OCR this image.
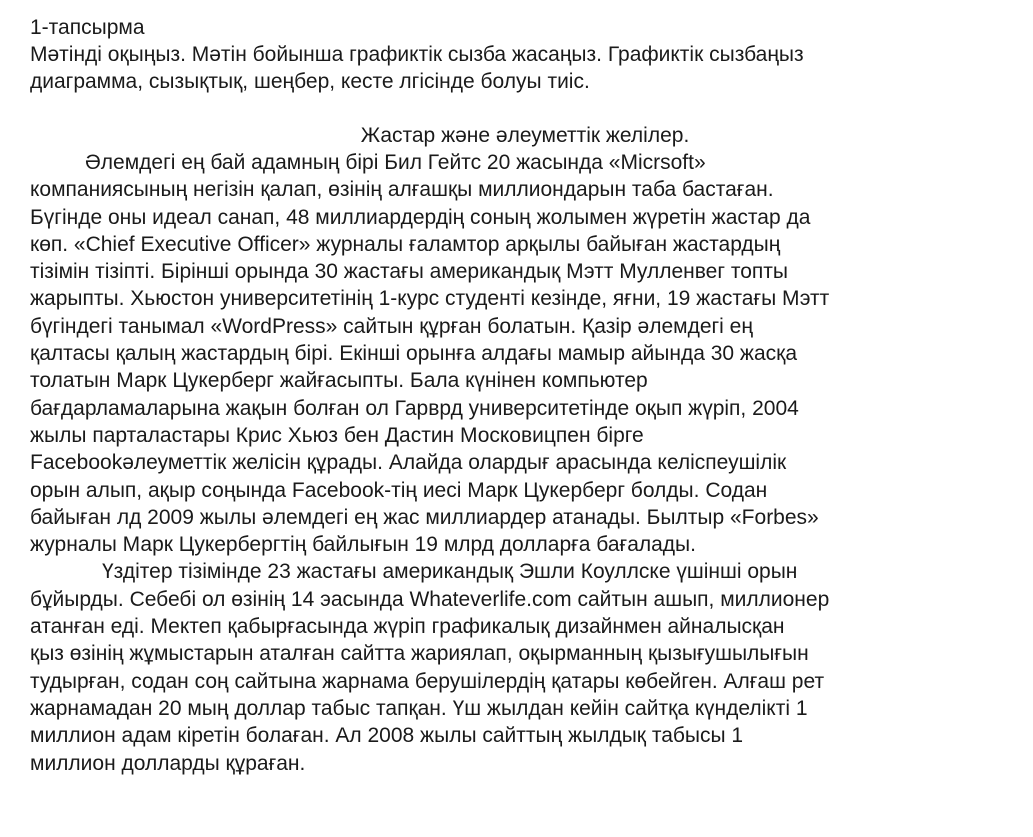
1-тапсырма

Мәтінді оқыңыз. Мәтін бойынша графиктік сызба жасаңыз. Графиктік сызбаңыз
диаграмма, сызықтық, шеңбер, кесте лгісінде болуы тиіс.

Жастар және әлеуметтік желілер.

Әлемдегі ең бай адамның бірі Бил Гейтс 20 жасында «Micrsoft»
компаниясының негізін қалап, өзінің алғашқы миллиондарын таба бастаған.
Бүгінде оны идеал санап, 48 миллиардердің соның жолымен жүретін жастар да
көп. «Chief Executive Officer» журналы ғаламтор арқылы байыған жастардың
тізімін тізіпті. Бірінші орында 30 жастағы американдық Мэтт Мулленвег топты
жарыпты. Хьюстон университетінің 1-курс студенті кезінде, яғни, 19 жастағы Мэтт
бүгіндегі танымал «WordPress» сайтын құрған болатын. Қазір әлемдегі ең
қалтасы қалың жастардың бірі. Екінші орынға алдағы мамыр айында 30 жасқа
толатын Марк Цукерберг жайғасыпты. Бала күнінен компьютер
бағдарламаларына жақын болған ол Гарврд университетінде оқып жүріп, 2004
жылы парталастары Крис Хьюз бен Дастин Московицпен бірге
Facebookәлеуметтік желісін құрады. Алайда олардығ арасында келіспеушілік
орын алып, ақыр соңында Facebook-тің иесі Марк Цукерберг болды. Содан
байыған лд 2009 жылы әлемдегі ең жас миллиардер атанады. Былтыр «Forbes»
журналы Марк Цукербергтің байлығын 19 млрд долларға бағалады.

Үздітер тізімінде 23 жастағы американдық Эшли Коуллске үшінші орын
бұйырды. Себебі ол өзінің 14 эасында Whateverlife.com сайтын ашып, миллионер
атанған еді. Мектеп қабырғасында жүріп графикалық дизайнмен айналысқан
қыз өзінің жұмыстарын аталған сайтта жариялап, оқырманның қызығушылығын
тудырған, содан соң сайтына жарнама берушілердің қатары көбейген. Алғаш рет
жарнамадан 20 мың доллар табыс тапқан. Үш жылдан кейін сайтқа күнделікті 1
миллион адам кіретін болаған. Ал 2008 жылы сайттың жылдық табысы 1
миллион долларды құраған.
